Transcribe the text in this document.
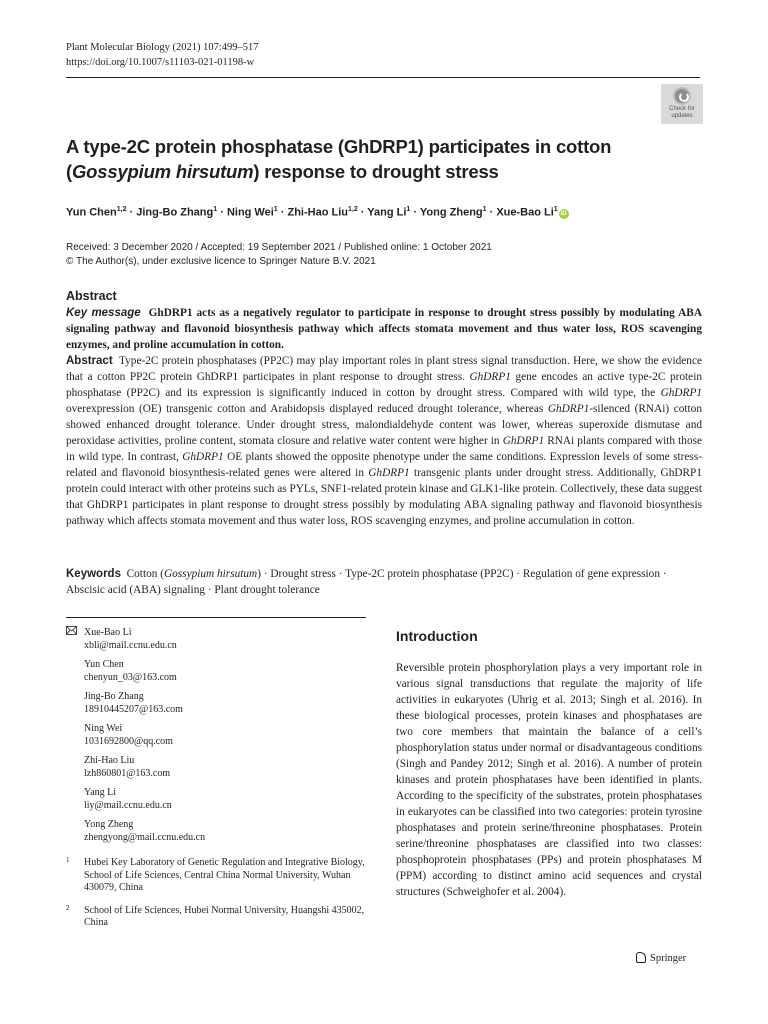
Plant Molecular Biology (2021) 107:499–517
https://doi.org/10.1007/s11103-021-01198-w
Check for
updates
A type-2C protein phosphatase (GhDRP1) participates in cotton
(Gossypium hirsutum) response to drought stress
Yun Chen$^{1,2}$ · Jing-Bo Zhang$^1$ · Ning Wei$^1$ · Zhi-Hao Liu$^{1,2}$ · Yang $Li^1$ · Yong Zheng$^1$ · Xue-Bao Li$^1$iD
Received: 3 December 2020 / Accepted: 19 September 2021 / Published online: 1 October 2021
© The Author(s), under exclusive licence to Springer Nature B.V. 2021
Abstract

Key message GhDRP1 acts as a negatively regulator to participate in response to drought stress possibly by modulating ABA signaling pathway and flavonoid biosynthesis pathway which affects stomata movement and thus water loss, ROS scavenging enzymes, and proline accumulation in cotton.

Abstract Type-2C protein phosphatases (PP2C) may play important roles in plant stress signal transduction. Here, we show the evidence that a cotton PP2C protein GhDRP1 participates in plant response to drought stress. GhDRP1 gene encodes an active type-2C protein phosphatase (PP2C) and its expression is significantly induced in cotton by drought stress. Compared with wild type, the GhDRP1 overexpression (OE) transgenic cotton and Arabidopsis displayed reduced drought tolerance, whereas GhDRP1-silenced (RNAi) cotton showed enhanced drought tolerance. Under drought stress, malondialdehyde content was lower, whereas superoxide dismutase and peroxidase activities, proline content, stomata closure and relative water content were higher in GhDRP1 RNAi plants compared with those in wild type. In contrast, GhDRP1 OE plants showed the opposite phenotype under the same conditions. Expression levels of some stress-related and flavonoid biosynthesis-related genes were altered in GhDRP1 transgenic plants under drought stress. Additionally, GhDRP1 protein could interact with other proteins such as PYLs, SNF1-related protein kinase and GLK1-like protein. Collectively, these data suggest that GhDRP1 participates in plant response to drought stress possibly by modulating ABA signaling pathway and flavonoid biosynthesis pathway which affects stomata movement and thus water loss, ROS scavenging enzymes, and proline accumulation in cotton.

Keywords Cotton (Gossypium hirsutum) · Drought stress · Type-2C protein phosphatase (PP2C) · Regulation of gene expression · Abscisic acid (ABA) signaling · Plant drought tolerance
Xue-Bao Li
xbli@mail.ccnu.edu.cn
Yun Chen
chenyun_03@163.com
Jing-Bo Zhang
18910445207@163.com
Ning Wei
1031692800@qq.com
Zhi-Hao Liu
lzh860801@163.com
Yang Li
liy@mail.ccnu.edu.cn
Yong Zheng
zhengyong@mail.ccnu.edu.cn
1 Hubei Key Laboratory of Genetic Regulation and Integrative Biology, School of Life Sciences, Central China Normal University, Wuhan 430079, China
2 School of Life Sciences, Hubei Normal University, Huangshi 435002, China
Introduction
Reversible protein phosphorylation plays a very important role in various signal transductions that regulate the majority of life activities in eukaryotes (Uhrig et al. 2013; Singh et al. 2016). In these biological processes, protein kinases and phosphatases are two core members that maintain the balance of a cell’s phosphorylation status under normal or disadvantageous conditions (Singh and Pandey 2012; Singh et al. 2016). A number of protein kinases and protein phosphatases have been identified in plants. According to the specificity of the substrates, protein phosphatases in eukaryotes can be classified into two categories: protein tyrosine phosphatases and protein serine/threonine phosphatases. Protein serine/threonine phosphatases are classified into two classes: phosphoprotein phosphatases (PPs) and protein phosphatases M (PPM) according to distinct amino acid sequences and crystal structures (Schweighofer et al. 2004).
Springer
